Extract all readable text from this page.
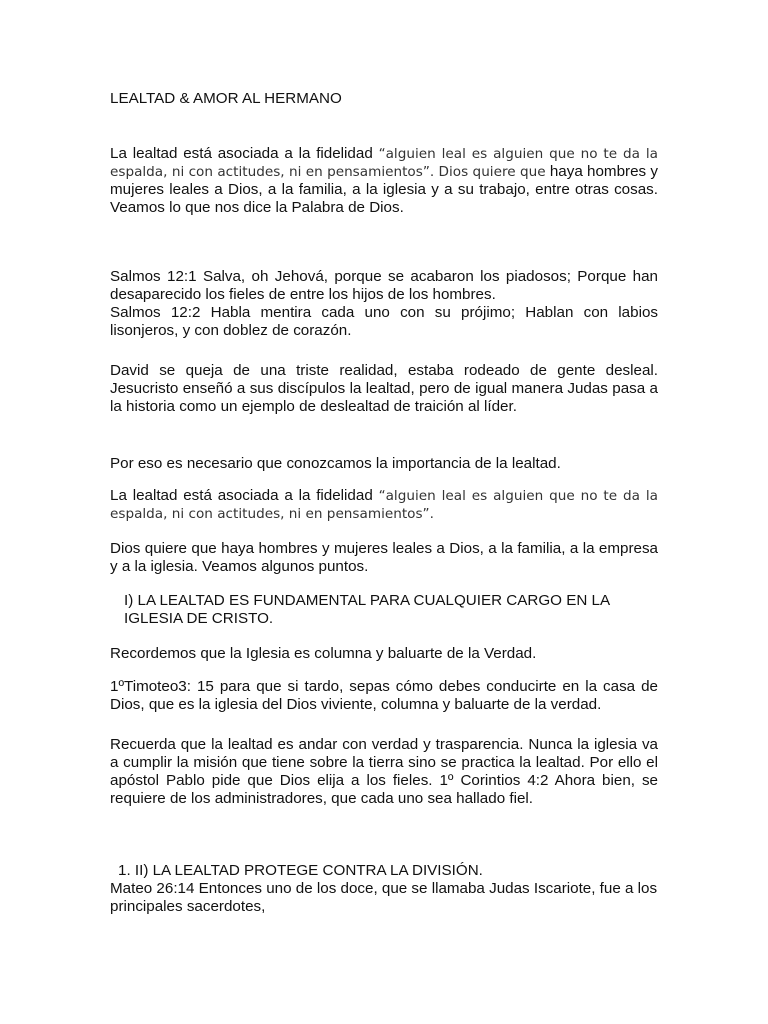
LEALTAD & AMOR AL HERMANO
La lealtad está asociada a la fidelidad “alguien leal es alguien que no te da la espalda, ni con actitudes, ni en pensamientos”. Dios quiere que haya hombres y mujeres leales a Dios, a la familia, a la iglesia y a su trabajo, entre otras cosas. Veamos lo que nos dice la Palabra de Dios.
Salmos 12:1 Salva, oh Jehová, porque se acabaron los piadosos; Porque han desaparecido los fieles de entre los hijos de los hombres.
Salmos 12:2 Habla mentira cada uno con su prójimo; Hablan con labios lisonjeros, y con doblez de corazón.
David se queja de una triste realidad, estaba rodeado de gente desleal. Jesucristo enseñó a sus discípulos la lealtad, pero de igual manera Judas pasa a la historia como un ejemplo de deslealtad de traición al líder.
Por eso es necesario que conozcamos la importancia de la lealtad.
La lealtad está asociada a la fidelidad “alguien leal es alguien que no te da la espalda, ni con actitudes, ni en pensamientos”.
Dios quiere que haya hombres y mujeres leales a Dios, a la familia, a la empresa y a la iglesia. Veamos algunos puntos.
I) LA LEALTAD ES FUNDAMENTAL PARA CUALQUIER CARGO EN LA IGLESIA DE CRISTO.
Recordemos que la Iglesia es columna y baluarte de la Verdad.
1ºTimoteo3: 15 para que si tardo, sepas cómo debes conducirte en la casa de Dios, que es la iglesia del Dios viviente, columna y baluarte de la verdad.
Recuerda que la lealtad es andar con verdad y trasparencia. Nunca la iglesia va a cumplir la misión que tiene sobre la tierra sino se practica la lealtad. Por ello el apóstol Pablo pide que Dios elija a los fieles. 1º Corintios 4:2 Ahora bien, se requiere de los administradores, que cada uno sea hallado fiel.
1. II) LA LEALTAD PROTEGE CONTRA LA DIVISIÓN.
Mateo 26:14 Entonces uno de los doce, que se llamaba Judas Iscariote, fue a los principales sacerdotes,
